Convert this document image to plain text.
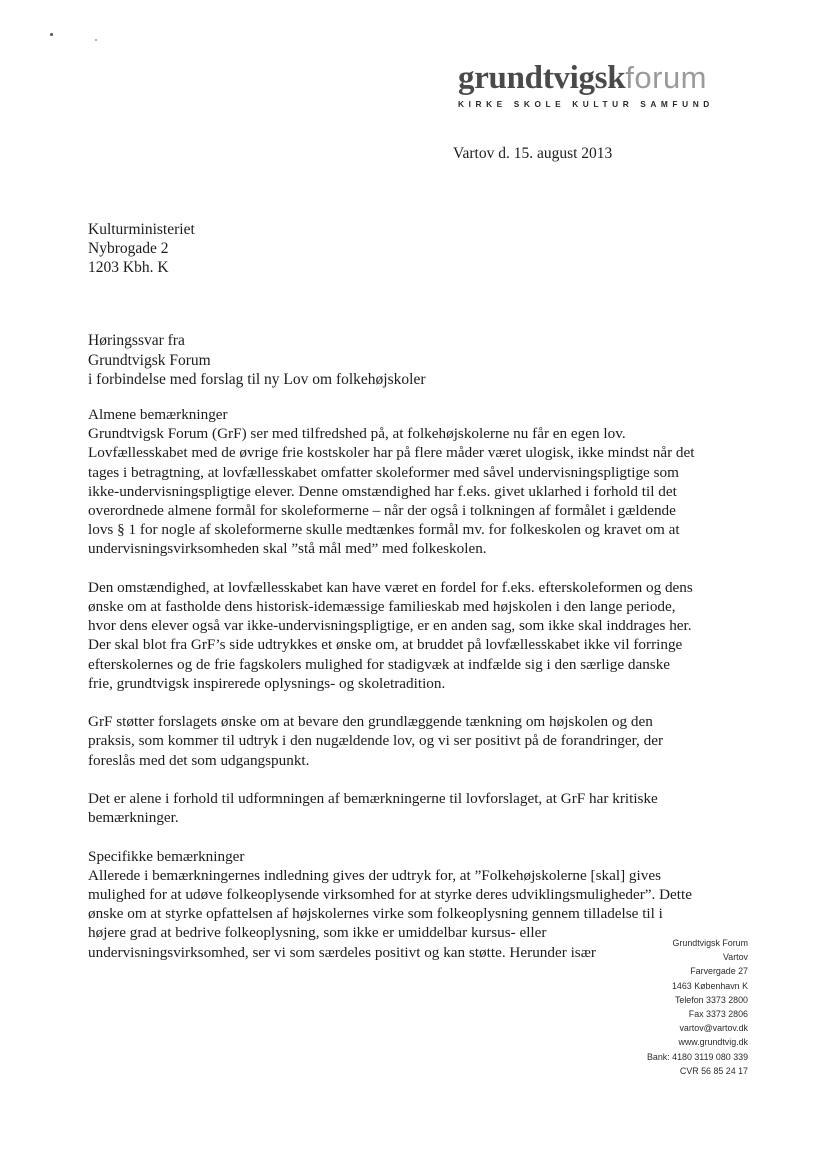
grundtvigskforum
KIRKE SKOLE KULTUR SAMFUND
Vartov d. 15. august 2013
Kulturministeriet
Nybrogade 2
1203 Kbh. K
Høringssvar fra
Grundtvigsk Forum
i forbindelse med forslag til ny Lov om folkehøjskoler
Almene bemærkninger
Grundtvigsk Forum (GrF) ser med tilfredshed på, at folkehøjskolerne nu får en egen lov.
Lovfællesskabet med de øvrige frie kostskoler har på flere måder været ulogisk, ikke mindst når det
tages i betragtning, at lovfællesskabet omfatter skoleformer med såvel undervisningspligtige som
ikke-undervisningspligtige elever. Denne omstændighed har f.eks. givet uklarhed i forhold til det
overordnede almene formål for skoleformerne – når der også i tolkningen af formålet i gældende
lovs § 1 for nogle af skoleformerne skulle medtænkes formål mv. for folkeskolen og kravet om at
undervisningsvirksomheden skal ”stå mål med” med folkeskolen.
Den omstændighed, at lovfællesskabet kan have været en fordel for f.eks. efterskoleformen og dens
ønske om at fastholde dens historisk-idemæssige familieskab med højskolen i den lange periode,
hvor dens elever også var ikke-undervisningspligtige, er en anden sag, som ikke skal inddrages her.
Der skal blot fra GrF’s side udtrykkes et ønske om, at bruddet på lovfællesskabet ikke vil forringe
efterskolernes og de frie fagskolers mulighed for stadigvæk at indfælde sig i den særlige danske
frie, grundtvigsk inspirerede oplysnings- og skoletradition.
GrF støtter forslagets ønske om at bevare den grundlæggende tænkning om højskolen og den
praksis, som kommer til udtryk i den nugældende lov, og vi ser positivt på de forandringer, der
foreslås med det som udgangspunkt.
Det er alene i forhold til udformningen af bemærkningerne til lovforslaget, at GrF har kritiske
bemærkninger.
Specifikke bemærkninger
Allerede i bemærkningernes indledning gives der udtryk for, at ”Folkehøjskolerne [skal] gives
mulighed for at udøve folkeoplysende virksomhed for at styrke deres udviklingsmuligheder”. Dette
ønske om at styrke opfattelsen af højskolernes virke som folkeoplysning gennem tilladelse til i
højere grad at bedrive folkeoplysning, som ikke er umiddelbar kursus- eller
undervisningsvirksomhed, ser vi som særdeles positivt og kan støtte. Herunder især
Grundtvigsk Forum
Vartov
Farvergade 27
1463 København K
Telefon 3373 2800
Fax 3373 2806
vartov@vartov.dk
www.grundtvig.dk
Bank: 4180 3119 080 339
CVR 56 85 24 17
